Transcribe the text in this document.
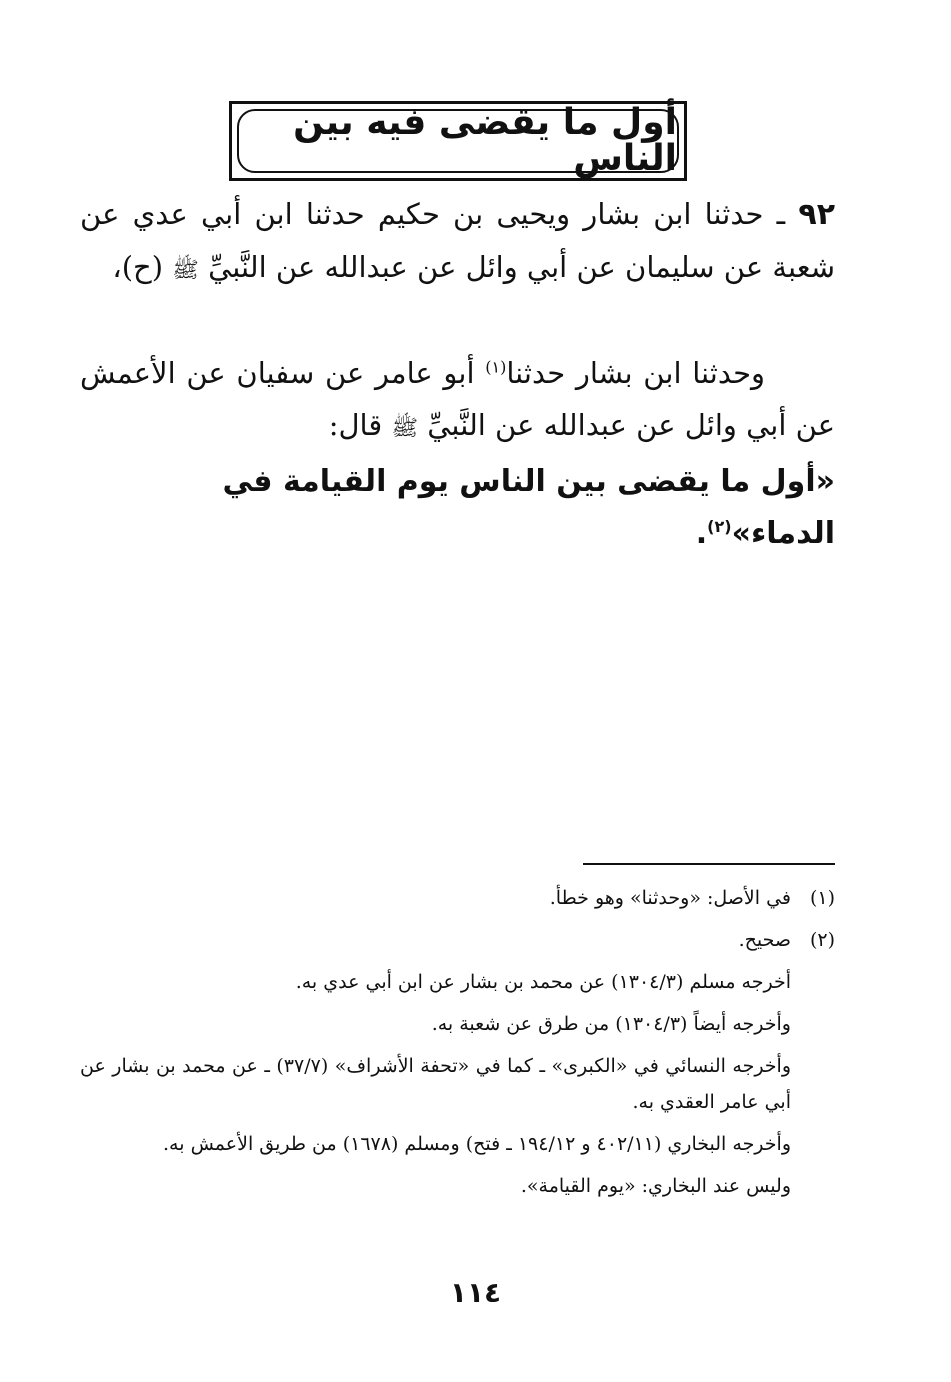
أول ما يقضى فيه بين الناس
٩٢ ـ حدثنا ابن بشار ويحيى بن حكيم حدثنا ابن أبي عدي عن شعبة عن سليمان عن أبي وائل عن عبدالله عن النَّبيِّ ﷺ (ح)،
وحدثنا ابن بشار حدثنا$^{(١)}$ أبو عامر عن سفيان عن الأعمش عن أبي وائل عن عبدالله عن النَّبيِّ ﷺ قال:
«أول ما يقضى بين الناس يوم القيامة في الدماء»$^{(٢)}$.
(١)
في الأصل: «وحدثنا» وهو خطأ.
(٢)
صحيح.
أخرجه مسلم (١٣٠٤/٣) عن محمد بن بشار عن ابن أبي عدي به.
وأخرجه أيضاً (١٣٠٤/٣) من طرق عن شعبة به.
وأخرجه النسائي في «الكبرى» ـ كما في «تحفة الأشراف» (٣٧/٧) ـ عن محمد بن بشار عن أبي عامر العقدي به.
وأخرجه البخاري (٤٠٢/١١ و ١٩٤/١٢ ـ فتح) ومسلم (١٦٧٨) من طريق الأعمش به.
وليس عند البخاري: «يوم القيامة».
١١٤
